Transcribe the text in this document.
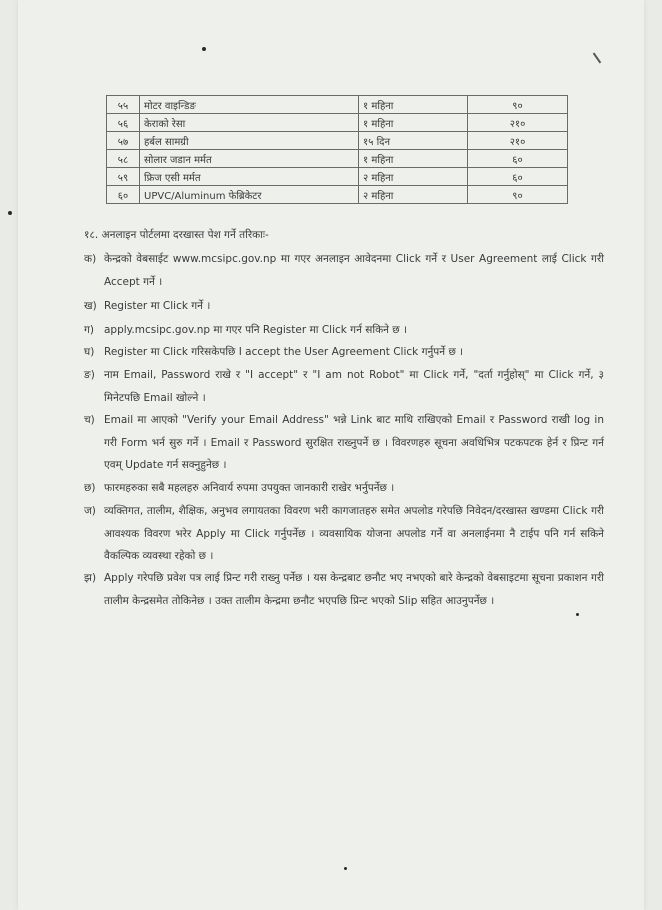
५५	मोटर वाइन्डिङ	१ महिना	९०
५६	केराको रेसा	१ महिना	२१०
५७	हर्बल सामग्री	१५ दिन	२१०
५८	सोलार जडान मर्मत	१ महिना	६०
५९	फ्रिज एसी मर्मत	२ महिना	६०
६०	UPVC/Aluminum फेब्रिकेटर	२ महिना	९०
१८. अनलाइन पोर्टलमा दरखास्त पेश गर्ने तरिकाः-
क) केन्द्रको वेबसाईट www.mcsipc.gov.np मा गएर अनलाइन आवेदनमा Click गर्ने र User Agreement लाई Click गरी Accept गर्ने ।
ख) Register मा Click गर्ने ।
ग) apply.mcsipc.gov.np मा गएर पनि Register मा Click गर्न सकिने छ ।
घ) Register मा Click गरिसकेपछि I accept the User Agreement Click गर्नुपर्ने छ ।
ङ) नाम Email, Password राखे र "I accept" र "I am not Robot" मा Click गर्ने, "दर्ता गर्नुहोस्" मा Click गर्ने, ३ मिनेटपछि Email खोल्ने ।
च) Email मा आएको "Verify your Email Address" भन्ने Link बाट माथि राखिएको Email र Password राखी log in गरी Form भर्न सुरु गर्ने । Email र Password सुरक्षित राख्नुपर्ने छ । विवरणहरु सूचना अवधिभित्र पटकपटक हेर्न र प्रिन्ट गर्न एवम् Update गर्न सक्नुहुनेछ ।
छ) फारमहरुका सबै महलहरु अनिवार्य रुपमा उपयुक्त जानकारी राखेर भर्नुपर्नेछ ।
ज) व्यक्तिगत, तालीम, शैक्षिक, अनुभव लगायतका विवरण भरी कागजातहरु समेत अपलोड गरेपछि निवेदन/दरखास्त खण्डमा Click गरी आवश्यक विवरण भरेर Apply मा Click गर्नुपर्नेछ । व्यवसायिक योजना अपलोड गर्ने वा अनलाईनमा नै टाईप पनि गर्न सकिने वैकल्पिक व्यवस्था रहेको छ ।
झ) Apply गरेपछि प्रवेश पत्र लाई प्रिन्ट गरी राख्नु पर्नेछ । यस केन्द्रबाट छनौट भए नभएको बारे केन्द्रको वेबसाइटमा सूचना प्रकाशन गरी तालीम केन्द्रसमेत तोकिनेछ । उक्त तालीम केन्द्रमा छनौट भएपछि प्रिन्ट भएको Slip सहित आउनुपर्नेछ ।
